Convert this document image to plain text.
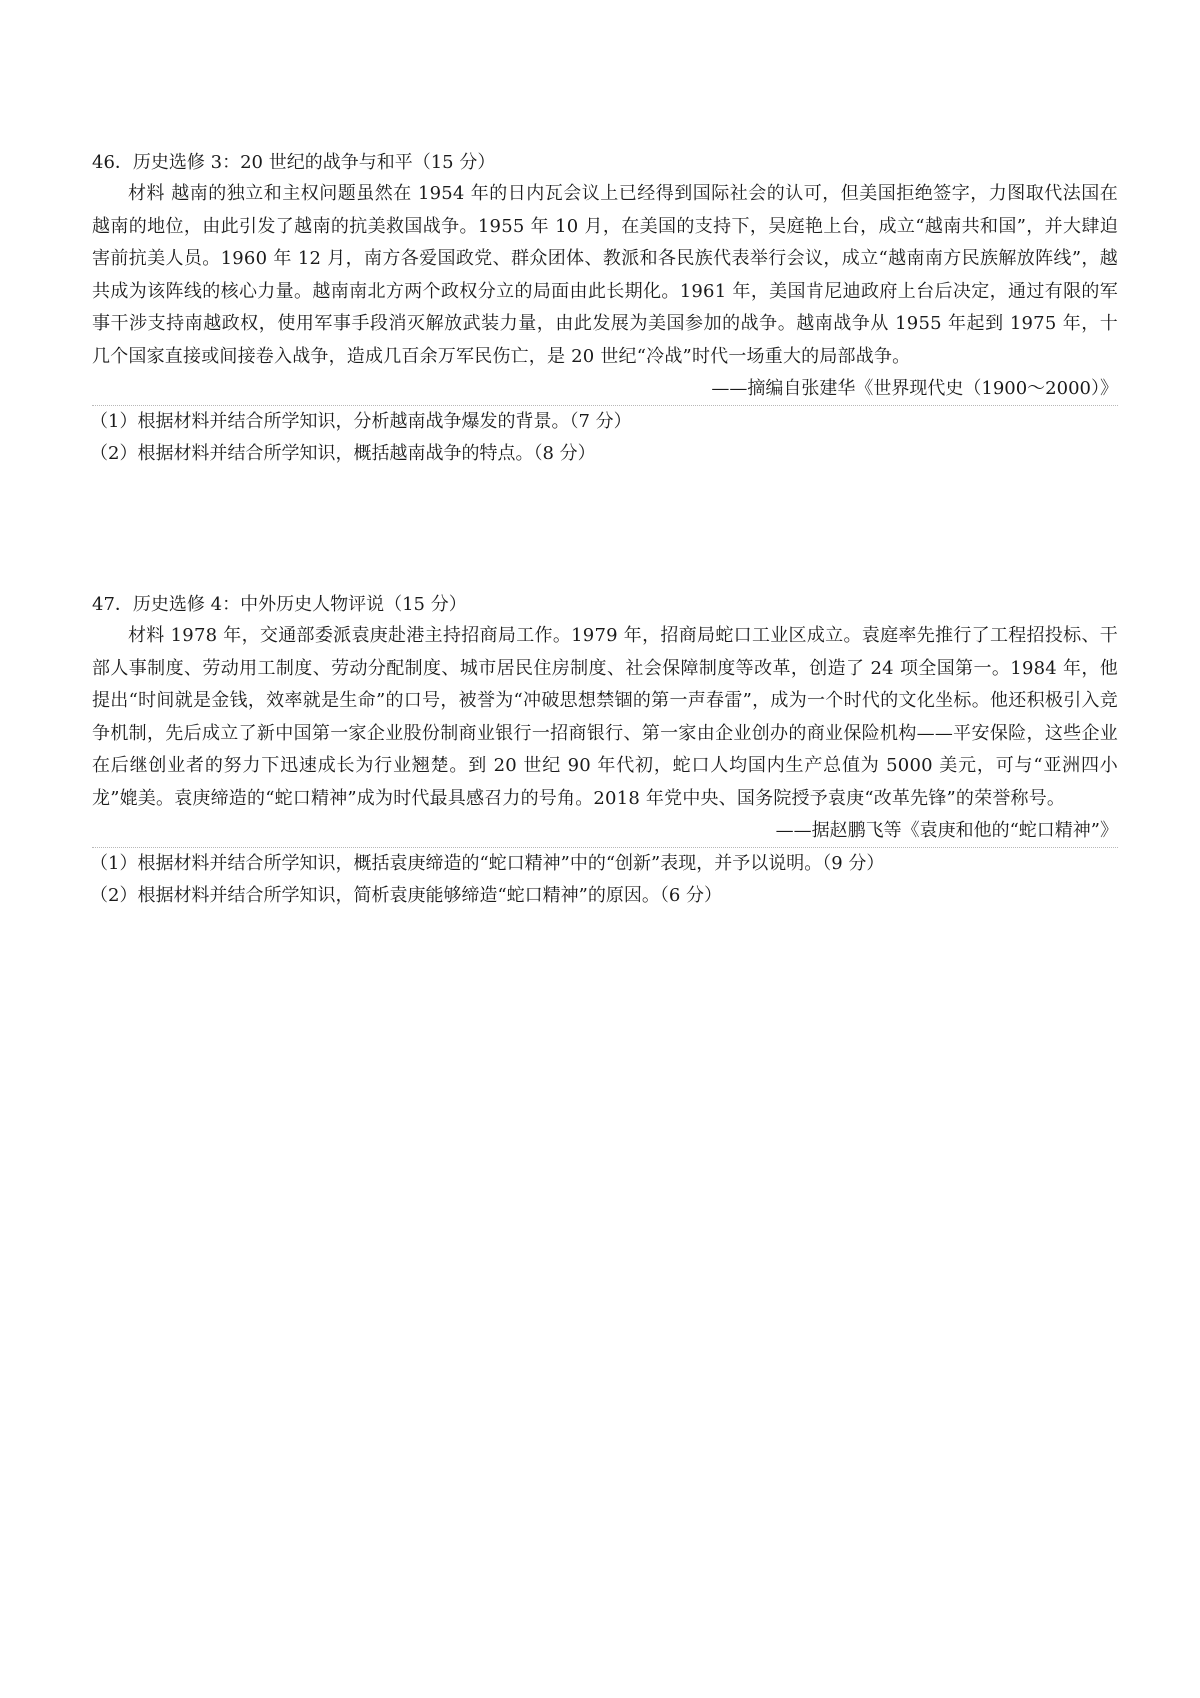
46．历史选修 3：20 世纪的战争与和平（15 分）

材料 越南的独立和主权问题虽然在 1954 年的日内瓦会议上已经得到国际社会的认可，但美国拒绝签字，力图取代法国在越南的地位，由此引发了越南的抗美救国战争。1955 年 10 月，在美国的支持下，吴庭艳上台，成立“越南共和国”，并大肆迫害前抗美人员。1960 年 12 月，南方各爱国政党、群众团体、教派和各民族代表举行会议，成立“越南南方民族解放阵线”，越共成为该阵线的核心力量。越南南北方两个政权分立的局面由此长期化。1961 年，美国肯尼迪政府上台后决定，通过有限的军事干涉支持南越政权，使用军事手段消灭解放武装力量，由此发展为美国参加的战争。越南战争从 1955 年起到 1975 年，十几个国家直接或间接卷入战争，造成几百余万军民伤亡，是 20 世纪“冷战”时代一场重大的局部战争。

——摘编自张建华《世界现代史（1900～2000）》
（1）根据材料并结合所学知识，分析越南战争爆发的背景。（7 分）
（2）根据材料并结合所学知识，概括越南战争的特点。（8 分）
47．历史选修 4：中外历史人物评说（15 分）

材料 1978 年，交通部委派袁庚赴港主持招商局工作。1979 年，招商局蛇口工业区成立。袁庭率先推行了工程招投标、干部人事制度、劳动用工制度、劳动分配制度、城市居民住房制度、社会保障制度等改革，创造了 24 项全国第一。1984 年，他提出“时间就是金钱，效率就是生命”的口号，被誉为“冲破思想禁锢的第一声春雷”，成为一个时代的文化坐标。他还积极引入竞争机制，先后成立了新中国第一家企业股份制商业银行一招商银行、第一家由企业创办的商业保险机构——平安保险，这些企业在后继创业者的努力下迅速成长为行业翘楚。到 20 世纪 90 年代初，蛇口人均国内生产总值为 5000 美元，可与“亚洲四小龙”媲美。袁庚缔造的“蛇口精神”成为时代最具感召力的号角。2018 年党中央、国务院授予袁庚“改革先锋”的荣誉称号。

——据赵鹏飞等《袁庚和他的“蛇口精神”》
（1）根据材料并结合所学知识，概括袁庚缔造的“蛇口精神”中的“创新”表现，并予以说明。（9 分）
（2）根据材料并结合所学知识，简析袁庚能够缔造“蛇口精神”的原因。（6 分）
